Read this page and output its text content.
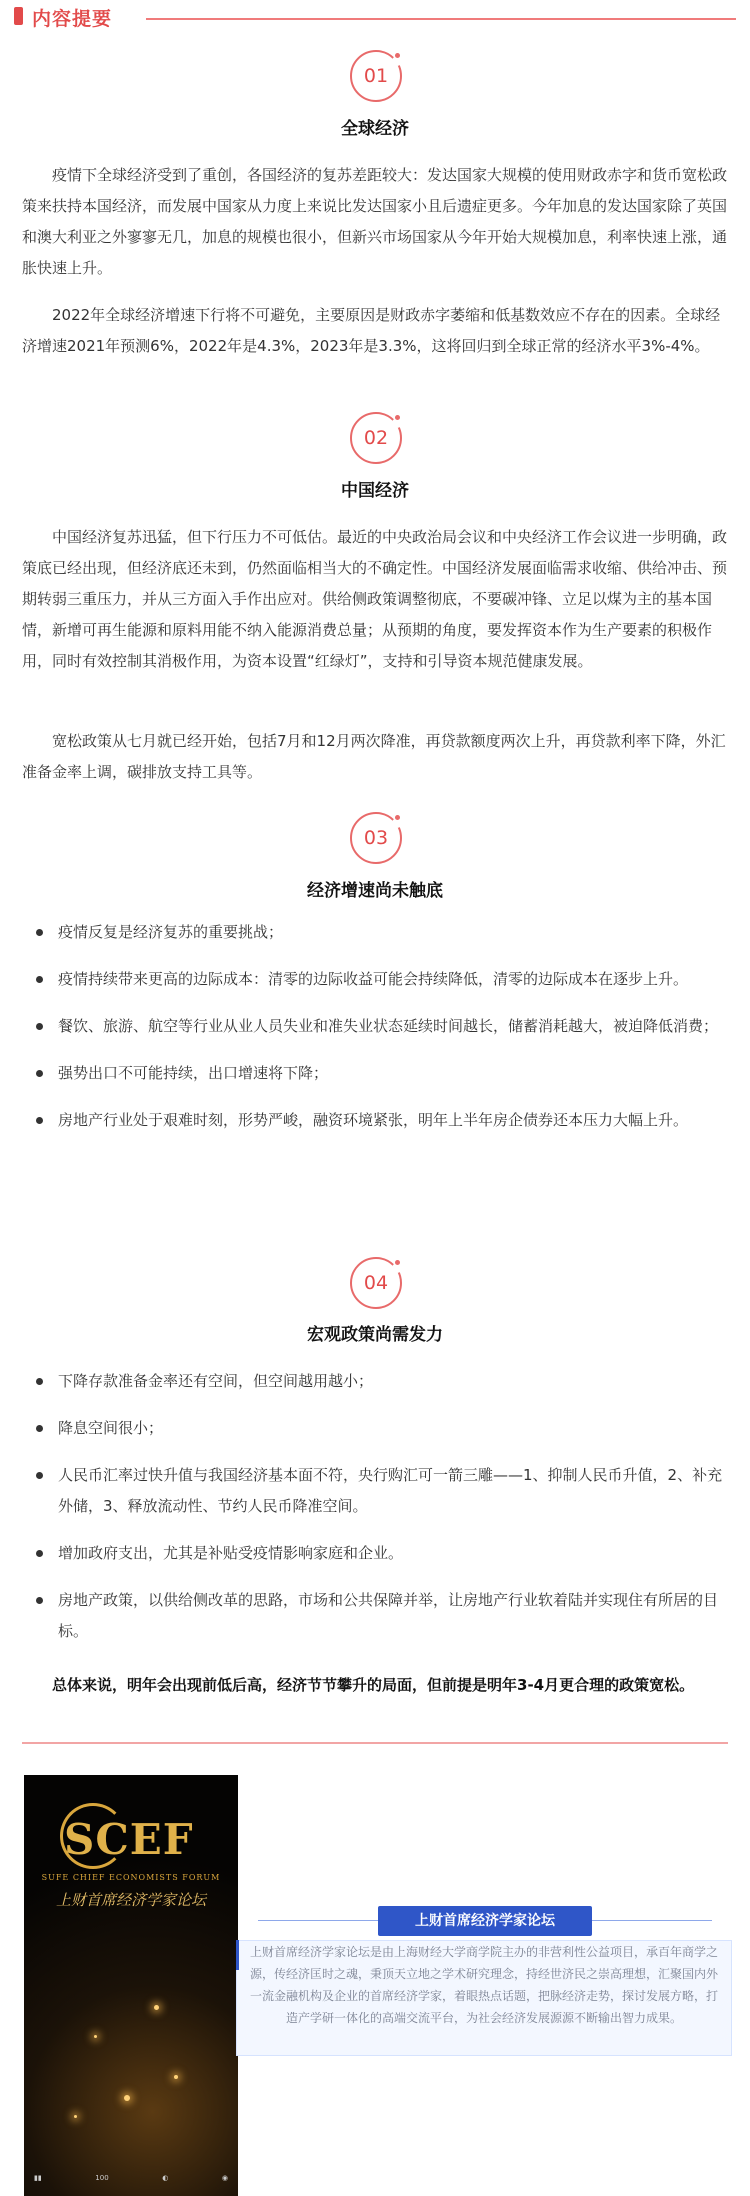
内容提要
01
全球经济

疫情下全球经济受到了重创，各国经济的复苏差距较大：发达国家大规模的使用财政赤字和货币宽松政策来扶持本国经济，而发展中国家从力度上来说比发达国家小且后遗症更多。今年加息的发达国家除了英国和澳大利亚之外寥寥无几，加息的规模也很小，但新兴市场国家从今年开始大规模加息，利率快速上涨，通胀快速上升。

2022年全球经济增速下行将不可避免，主要原因是财政赤字萎缩和低基数效应不存在的因素。全球经济增速2021年预测6%，2022年是4.3%，2023年是3.3%，这将回归到全球正常的经济水平3%-4%。

02
中国经济

中国经济复苏迅猛，但下行压力不可低估。最近的中央政治局会议和中央经济工作会议进一步明确，政策底已经出现，但经济底还未到，仍然面临相当大的不确定性。中国经济发展面临需求收缩、供给冲击、预期转弱三重压力，并从三方面入手作出应对。供给侧政策调整彻底，不要碳冲锋、立足以煤为主的基本国情，新增可再生能源和原料用能不纳入能源消费总量；从预期的角度，要发挥资本作为生产要素的积极作用，同时有效控制其消极作用，为资本设置“红绿灯”，支持和引导资本规范健康发展。

宽松政策从七月就已经开始，包括7月和12月两次降准，再贷款额度两次上升，再贷款利率下降，外汇准备金率上调，碳排放支持工具等。

03
经济增速尚未触底
疫情反复是经济复苏的重要挑战；
疫情持续带来更高的边际成本：清零的边际收益可能会持续降低，清零的边际成本在逐步上升。
餐饮、旅游、航空等行业从业人员失业和准失业状态延续时间越长，储蓄消耗越大，被迫降低消费；
强势出口不可能持续，出口增速将下降；
房地产行业处于艰难时刻，形势严峻，融资环境紧张，明年上半年房企债券还本压力大幅上升。
04
宏观政策尚需发力
下降存款准备金率还有空间，但空间越用越小；
降息空间很小；
人民币汇率过快升值与我国经济基本面不符，央行购汇可一箭三雕——1、抑制人民币升值，2、补充外储，3、释放流动性、节约人民币降准空间。
增加政府支出，尤其是补贴受疫情影响家庭和企业。
房地产政策，以供给侧改革的思路，市场和公共保障并举，让房地产行业软着陆并实现住有所居的目标。

总体来说，明年会出现前低后高，经济节节攀升的局面，但前提是明年3-4月更合理的政策宽松。

SCEF
SUFE CHIEF ECONOMISTS FORUM
上财首席经济学家论坛
▮▮	100	◐	◉
上财首席经济学家论坛

上财首席经济学家论坛是由上海财经大学商学院主办的非营利性公益项目，承百年商学之源，传经济匡时之魂，秉顶天立地之学术研究理念，持经世济民之崇高理想，汇聚国内外一流金融机构及企业的首席经济学家，着眼热点话题，把脉经济走势，探讨发展方略，打造产学研一体化的高端交流平台，为社会经济发展源源不断输出智力成果。
